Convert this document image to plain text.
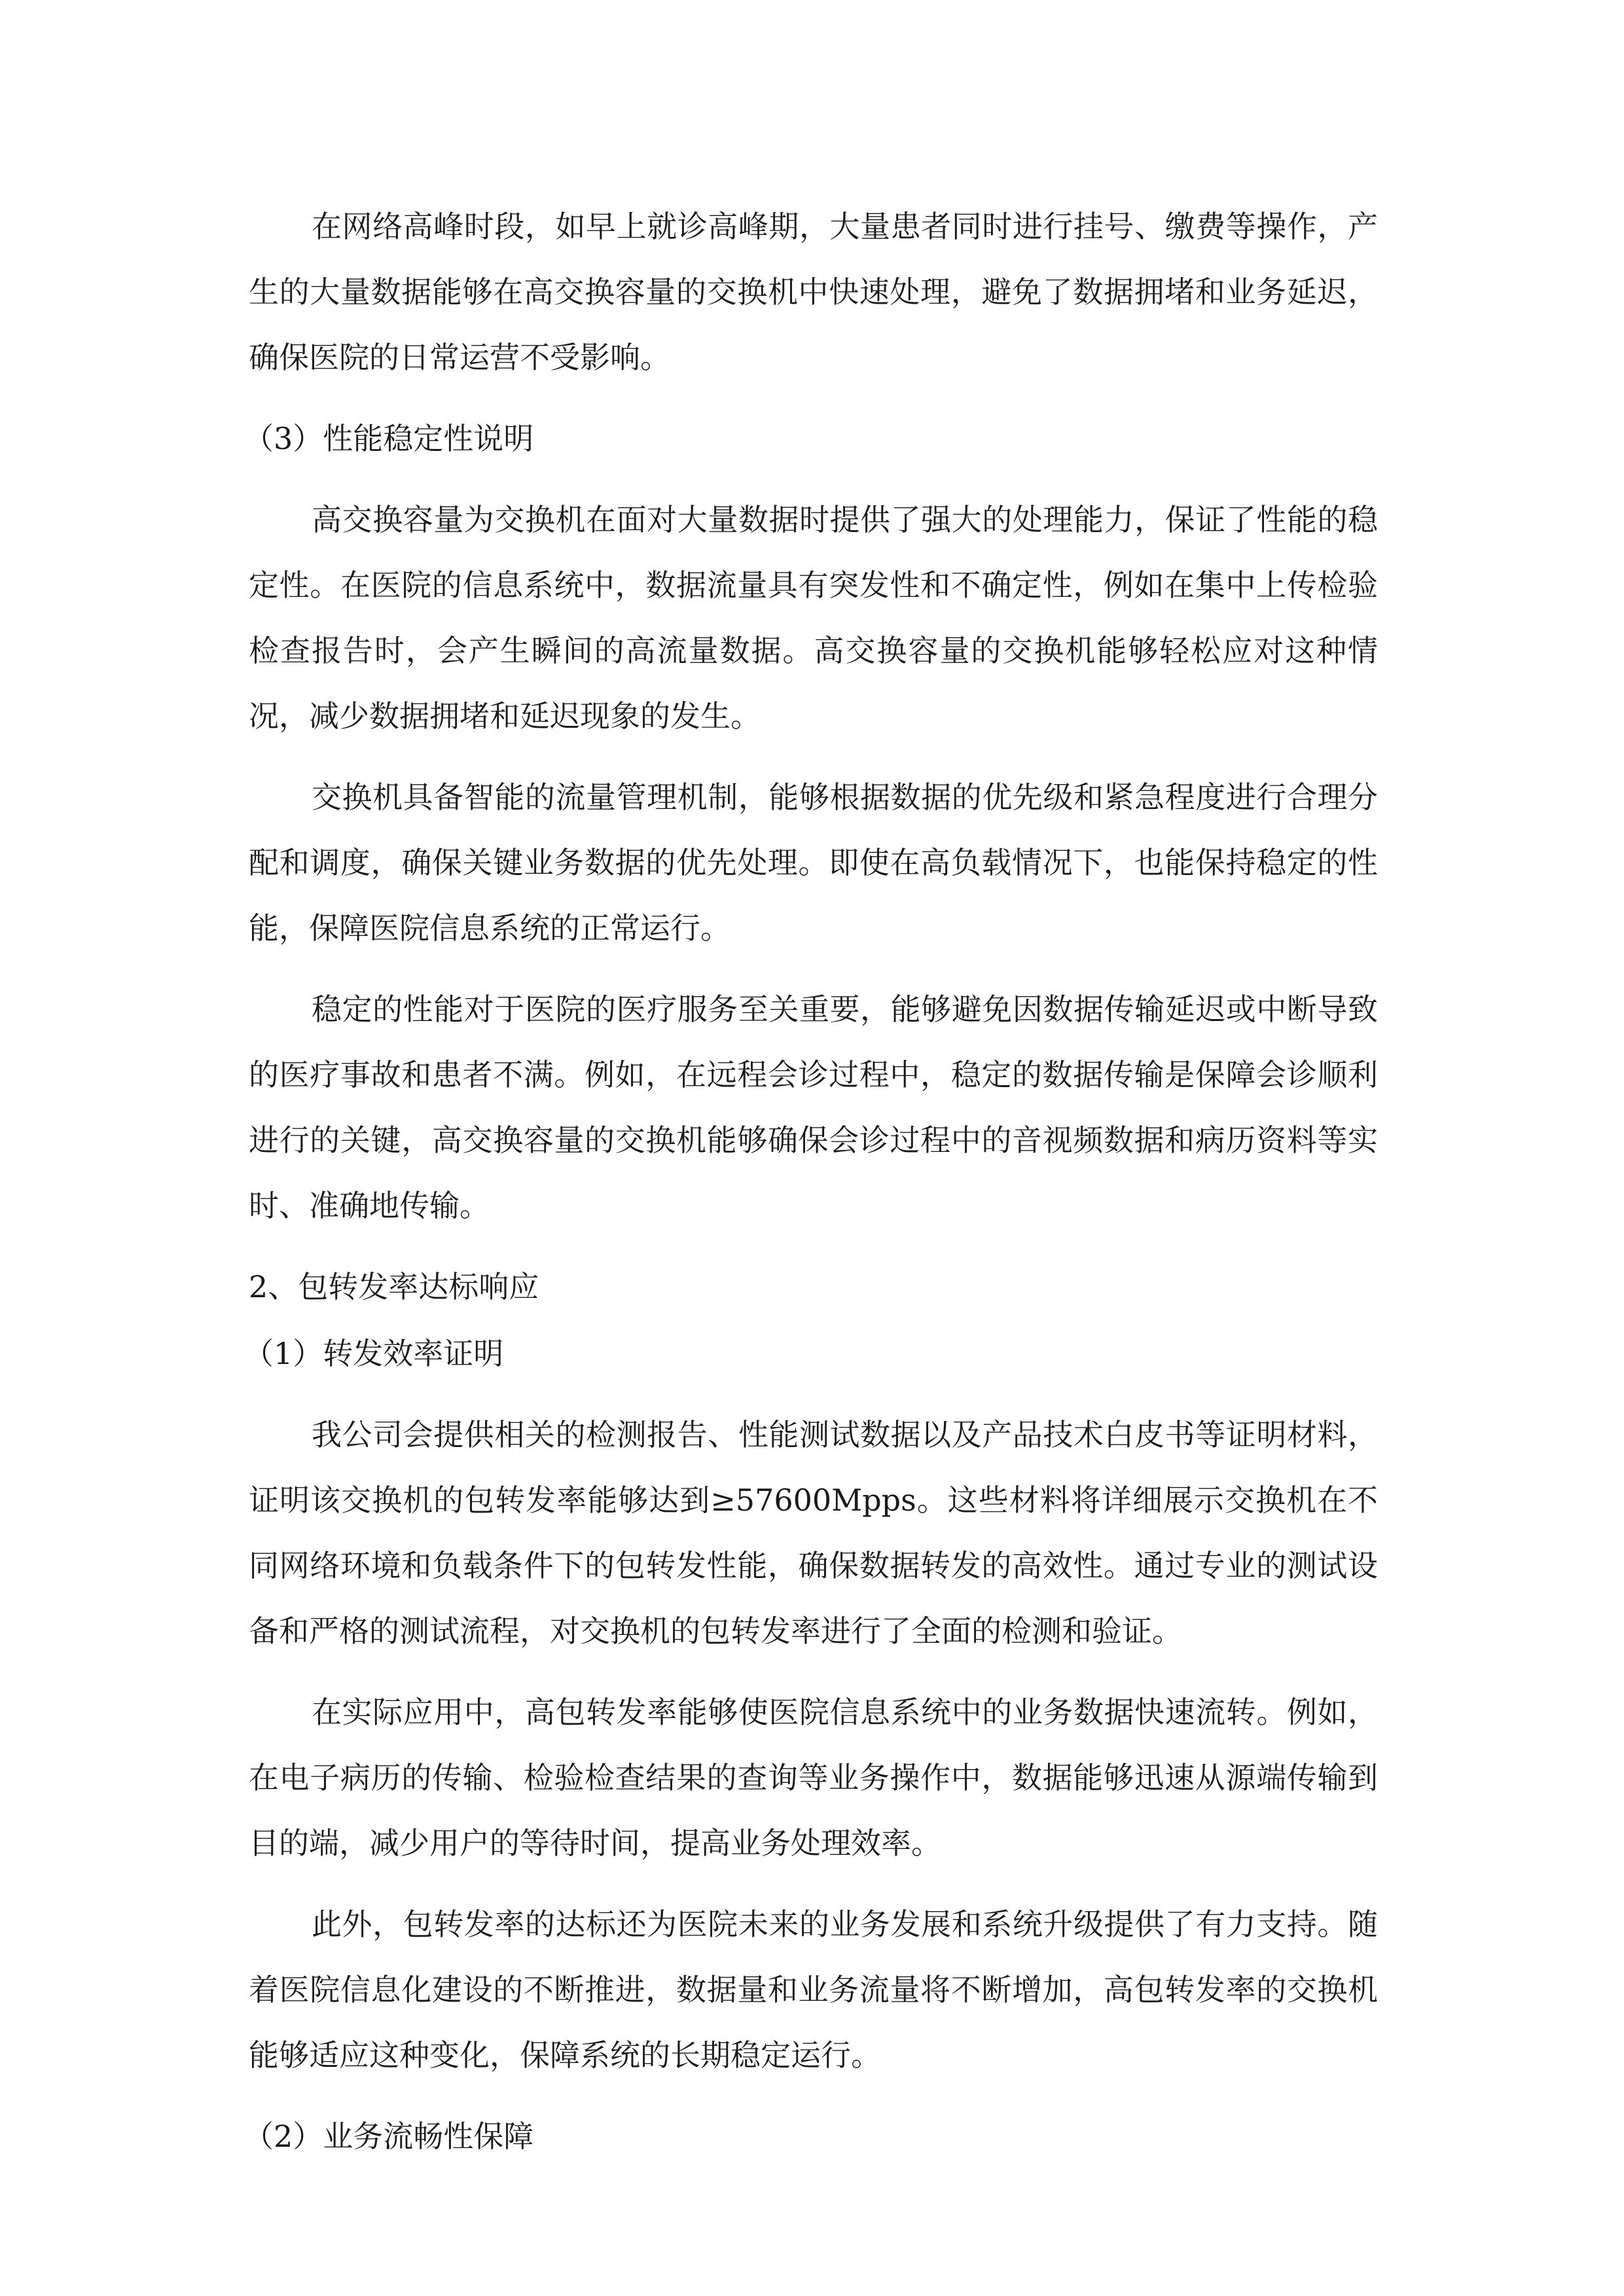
在网络高峰时段，如早上就诊高峰期，大量患者同时进行挂号、缴费等操作，产生的大量数据能够在高交换容量的交换机中快速处理，避免了数据拥堵和业务延迟，确保医院的日常运营不受影响。

（3）性能稳定性说明

高交换容量为交换机在面对大量数据时提供了强大的处理能力，保证了性能的稳定性。在医院的信息系统中，数据流量具有突发性和不确定性，例如在集中上传检验检查报告时，会产生瞬间的高流量数据。高交换容量的交换机能够轻松应对这种情况，减少数据拥堵和延迟现象的发生。

交换机具备智能的流量管理机制，能够根据数据的优先级和紧急程度进行合理分配和调度，确保关键业务数据的优先处理。即使在高负载情况下，也能保持稳定的性能，保障医院信息系统的正常运行。

稳定的性能对于医院的医疗服务至关重要，能够避免因数据传输延迟或中断导致的医疗事故和患者不满。例如，在远程会诊过程中，稳定的数据传输是保障会诊顺利进行的关键，高交换容量的交换机能够确保会诊过程中的音视频数据和病历资料等实时、准确地传输。

2、包转发率达标响应

（1）转发效率证明

我公司会提供相关的检测报告、性能测试数据以及产品技术白皮书等证明材料，证明该交换机的包转发率能够达到≥57600Mpps。这些材料将详细展示交换机在不同网络环境和负载条件下的包转发性能，确保数据转发的高效性。通过专业的测试设备和严格的测试流程，对交换机的包转发率进行了全面的检测和验证。

在实际应用中，高包转发率能够使医院信息系统中的业务数据快速流转。例如，在电子病历的传输、检验检查结果的查询等业务操作中，数据能够迅速从源端传输到目的端，减少用户的等待时间，提高业务处理效率。

此外，包转发率的达标还为医院未来的业务发展和系统升级提供了有力支持。随着医院信息化建设的不断推进，数据量和业务流量将不断增加，高包转发率的交换机能够适应这种变化，保障系统的长期稳定运行。

（2）业务流畅性保障
